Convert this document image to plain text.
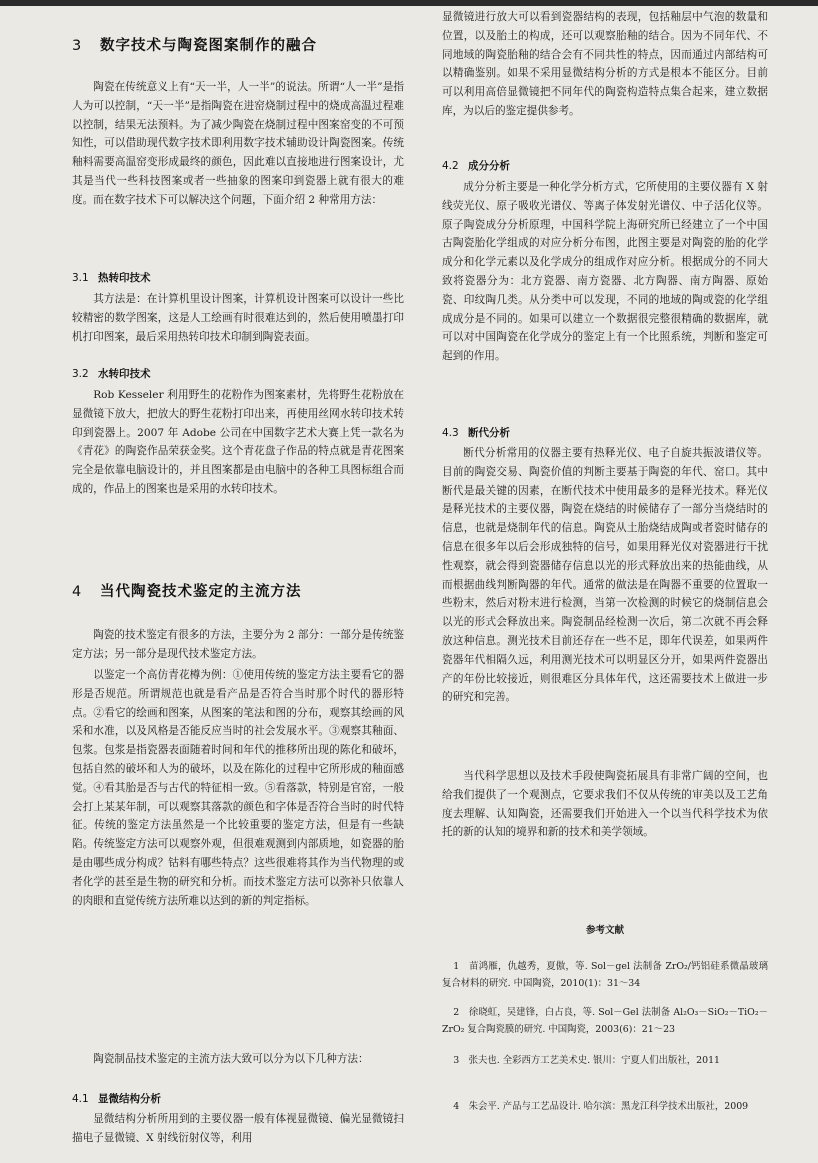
3 数字技术与陶瓷图案制作的融合

陶瓷在传统意义上有“天一半，人一半”的说法。所谓“人一半”是指人为可以控制，“天一半”是指陶瓷在进窑烧制过程中的烧成高温过程难以控制，结果无法预料。为了减少陶瓷在烧制过程中图案窑变的不可预知性，可以借助现代数字技术即利用数字技术辅助设计陶瓷图案。传统釉料需要高温窑变形成最终的颜色，因此难以直接地进行图案设计，尤其是当代一些科技图案或者一些抽象的图案印到瓷器上就有很大的难度。而在数字技术下可以解决这个问题，下面介绍 2 种常用方法：

3.1 热转印技术

其方法是：在计算机里设计图案，计算机设计图案可以设计一些比较精密的数学图案，这是人工绘画有时很难达到的，然后使用喷墨打印机打印图案，最后采用热转印技术印制到陶瓷表面。

3.2 水转印技术

Rob Kesseler 利用野生的花粉作为图案素材，先将野生花粉放在显微镜下放大，把放大的野生花粉打印出来，再使用丝网水转印技术转印到瓷器上。2007 年 Adobe 公司在中国数字艺术大赛上凭一款名为《青花》的陶瓷作品荣获金奖。这个青花盘子作品的特点就是青花图案完全是依靠电脑设计的，并且图案都是由电脑中的各种工具图标组合而成的，作品上的图案也是采用的水转印技术。

4 当代陶瓷技术鉴定的主流方法

陶瓷的技术鉴定有很多的方法，主要分为 2 部分：一部分是传统鉴定方法；另一部分是现代技术鉴定方法。

以鉴定一个高仿青花樽为例：①使用传统的鉴定方法主要看它的器形是否规范。所谓规范也就是看产品是否符合当时那个时代的器形特点。②看它的绘画和图案，从图案的笔法和图的分布，观察其绘画的风采和水准，以及风格是否能反应当时的社会发展水平。③观察其釉面、包浆。包浆是指瓷器表面随着时间和年代的推移所出现的陈化和破坏，包括自然的破坏和人为的破坏，以及在陈化的过程中它所形成的釉面感觉。④看其胎是否与古代的特征相一致。⑤看落款，特别是官窑，一般会打上某某年制，可以观察其落款的颜色和字体是否符合当时的时代特征。传统的鉴定方法虽然是一个比较重要的鉴定方法，但是有一些缺陷。传统鉴定方法可以观察外观，但很难观测到内部质地，如瓷器的胎是由哪些成分构成？钴料有哪些特点？这些很难将其作为当代物理的或者化学的甚至是生物的研究和分析。而技术鉴定方法可以弥补只依靠人的肉眼和直觉传统方法所难以达到的新的判定指标。

陶瓷制品技术鉴定的主流方法大致可以分为以下几种方法：

4.1 显微结构分析

显微结构分析所用到的主要仪器一般有体视显微镜、偏光显微镜扫描电子显微镜、X 射线衍射仪等，利用

显微镜进行放大可以看到瓷器结构的表现，包括釉层中气泡的数量和位置，以及胎土的构成，还可以观察胎釉的结合。因为不同年代、不同地域的陶瓷胎釉的结合会有不同共性的特点，因而通过内部结构可以精确鉴别。如果不采用显微结构分析的方式是根本不能区分。目前可以利用高倍显微镜把不同年代的陶瓷构造特点集合起来，建立数据库，为以后的鉴定提供参考。

4.2 成分分析

成分分析主要是一种化学分析方式，它所使用的主要仪器有 X 射线荧光仪、原子吸收光谱仪、等离子体发射光谱仪、中子活化仪等。原子陶瓷成分分析原理，中国科学院上海研究所已经建立了一个中国古陶瓷胎化学组成的对应分析分布图，此图主要是对陶瓷的胎的化学成分和化学元素以及化学成分的组成作对应分析。根据成分的不同大致将瓷器分为：北方瓷器、南方瓷器、北方陶器、南方陶器、原始瓷、印纹陶几类。从分类中可以发现，不同的地域的陶或瓷的化学组成成分是不同的。如果可以建立一个数据很完整很精确的数据库，就可以对中国陶瓷在化学成分的鉴定上有一个比照系统，判断和鉴定可起到的作用。

4.3 断代分析

断代分析常用的仪器主要有热释光仪、电子自旋共振波谱仪等。目前的陶瓷交易、陶瓷价值的判断主要基于陶瓷的年代、窑口。其中断代是最关键的因素，在断代技术中使用最多的是释光技术。释光仪是释光技术的主要仪器，陶瓷在烧结的时候储存了一部分当烧结时的信息，也就是烧制年代的信息。陶瓷从土胎烧结成陶或者瓷时储存的信息在很多年以后会形成独特的信号，如果用释光仪对瓷器进行干扰性观察，就会得到瓷器储存信息以光的形式释放出来的热能曲线，从而根据曲线判断陶器的年代。通常的做法是在陶器不重要的位置取一些粉末，然后对粉末进行检测，当第一次检测的时候它的烧制信息会以光的形式会释放出来。陶瓷制品经检测一次后，第二次就不再会释放这种信息。测光技术目前还存在一些不足，即年代误差，如果两件瓷器年代相隔久远，利用测光技术可以明显区分开，如果两件瓷器出产的年份比较接近，则很难区分具体年代，这还需要技术上做进一步的研究和完善。

当代科学思想以及技术手段使陶瓷拓展具有非常广阔的空间，也给我们提供了一个观测点，它要求我们不仅从传统的审美以及工艺角度去理解、认知陶瓷，还需要我们开始进入一个以当代科学技术为依托的新的认知的境界和新的技术和美学领域。

参考文献

1　苗鸿雁，仇越秀，夏傲，等. Sol－gel 法制备 ZrO₂/钙铝硅系微晶玻璃复合材料的研究. 中国陶瓷，2010(1)：31～34

2　徐晓虹，吴建锋，白占良，等. Sol－Gel 法制备 Al₂O₃－SiO₂－TiO₂－ZrO₂ 复合陶瓷膜的研究. 中国陶瓷，2003(6)：21～23

3　张夫也. 全彩西方工艺美术史. 银川：宁夏人们出版社，2011

4　朱会平. 产品与工艺品设计. 哈尔滨：黑龙江科学技术出版社，2009
